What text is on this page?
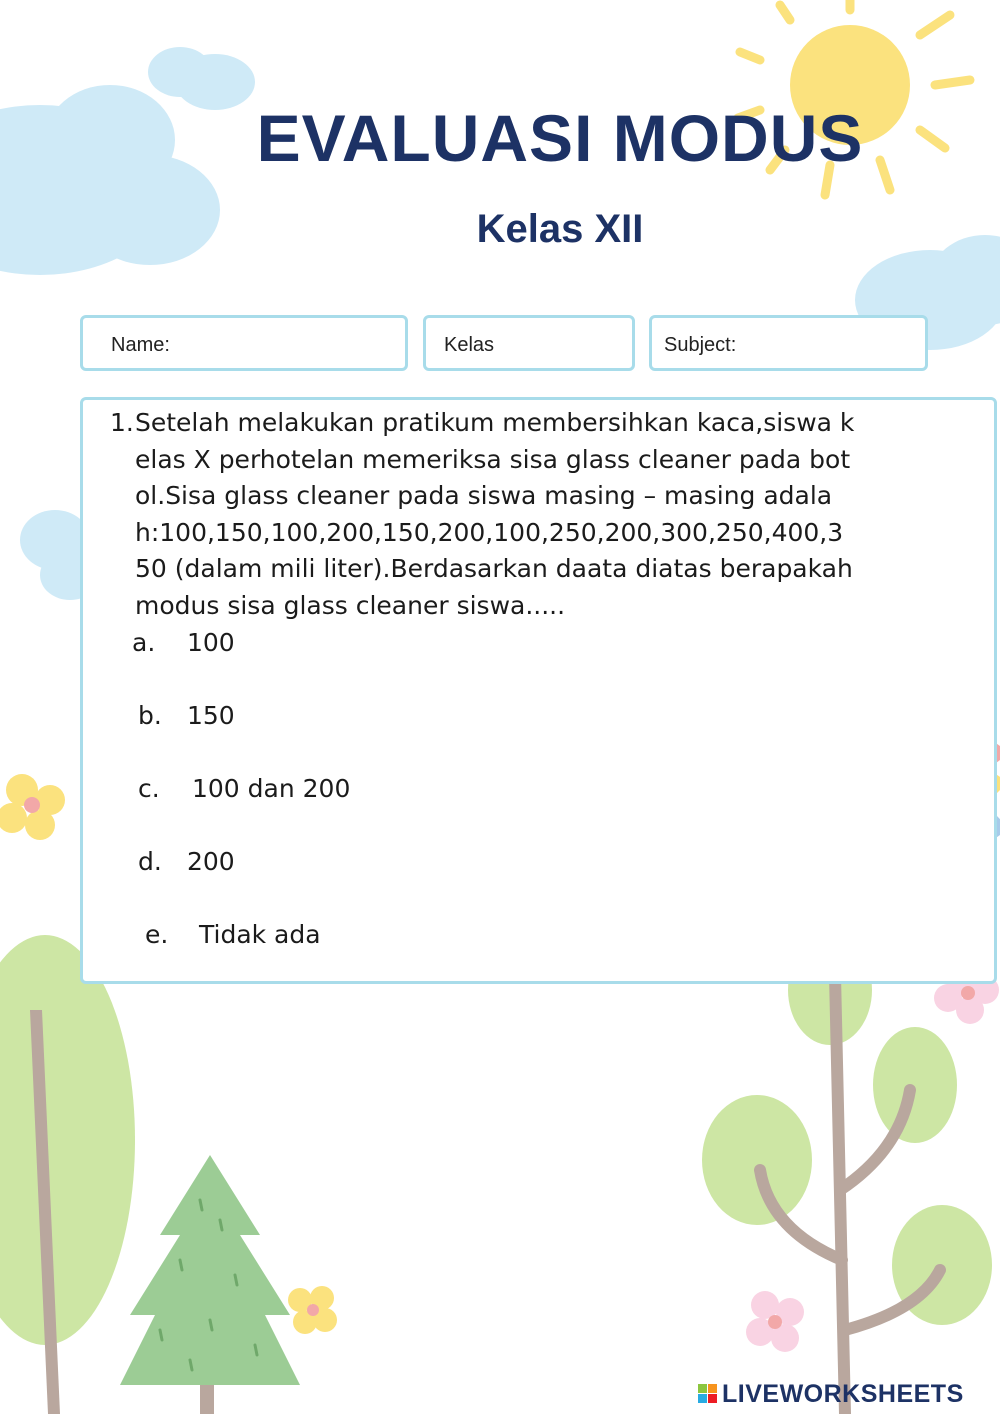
EVALUASI MODUS
Kelas XII
Name:	Kelas	Subject:
1. Setelah melakukan pratikum membersihkan kaca,siswa kelas X perhotelan memeriksa sisa glass cleaner pada botol.Sisa glass cleaner pada siswa masing – masing adalah:100,150,100,200,150,200,100,250,200,300,250,400,350 (dalam mili liter).Berdasarkan daata diatas berapakah modus sisa glass cleaner siswa.....
a. 100
b. 150
c. 100 dan 200
d. 200
e. Tidak ada
LIVEWORKSHEETS
